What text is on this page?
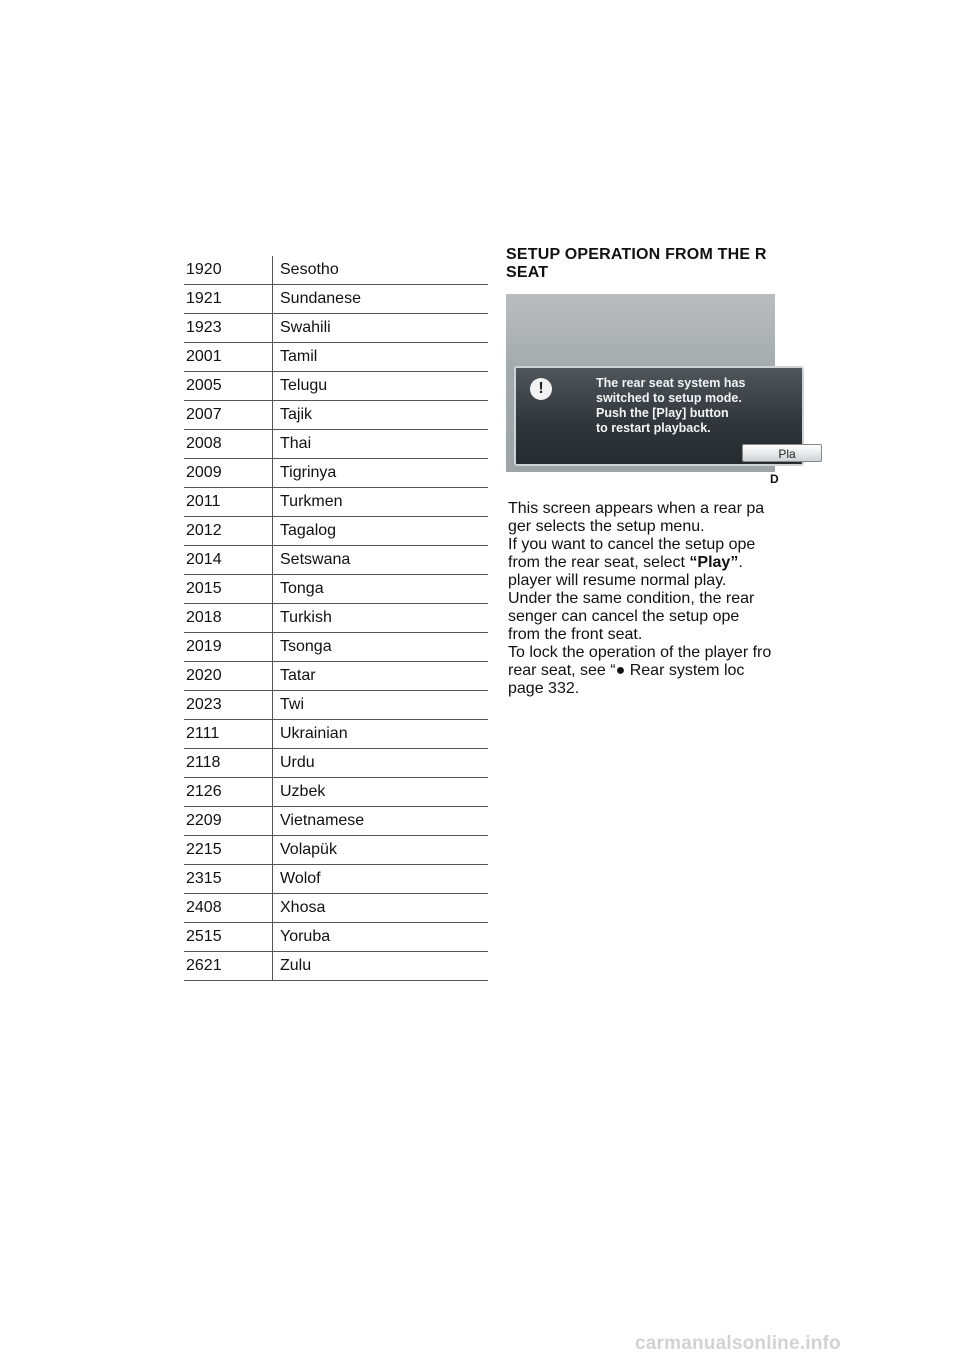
1920	Sesotho
1921	Sundanese
1923	Swahili
2001	Tamil
2005	Telugu
2007	Tajik
2008	Thai
2009	Tigrinya
2011	Turkmen
2012	Tagalog
2014	Setswana
2015	Tonga
2018	Turkish
2019	Tsonga
2020	Tatar
2023	Twi
2111	Ukrainian
2118	Urdu
2126	Uzbek
2209	Vietnamese
2215	Volapük
2315	Wolof
2408	Xhosa
2515	Yoruba
2621	Zulu
SETUP OPERATION FROM THE R
SEAT
!	The rear seat system has
switched to setup mode.
Push the [Play] button
to restart playback.
Pla
D
This screen appears when a rear pa
ger selects the setup menu.
If you want to cancel the setup ope
from the rear seat, select “Play”.
player will resume normal play.
Under the same condition, the rear
senger can cancel the setup ope
from the front seat.
To lock the operation of the player fro
rear seat, see “● Rear system loc
page 332.
carmanualsonline.info
